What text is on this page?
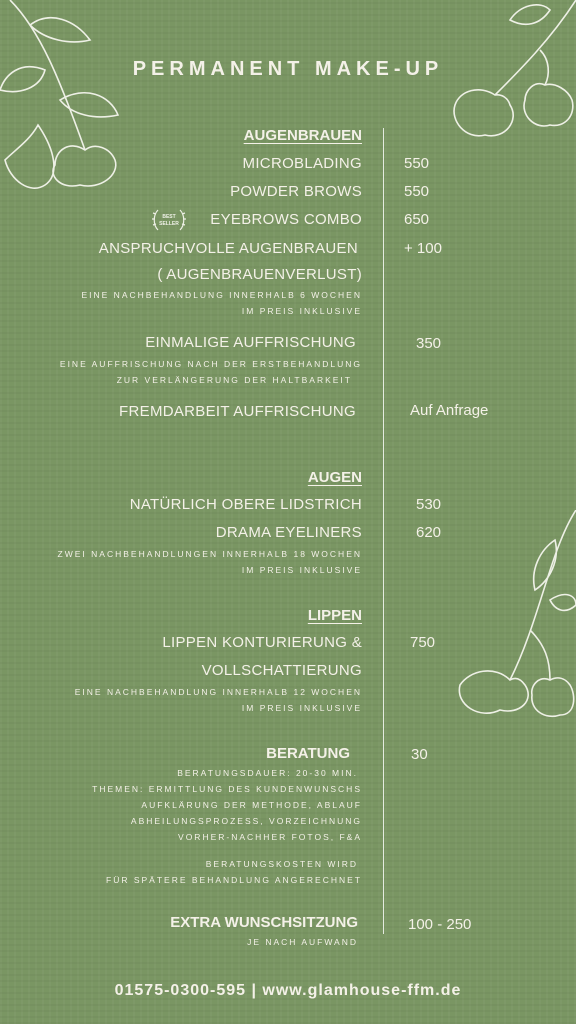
PERMANENT MAKE-UP
AUGENBRAUEN
MICROBLADING	550
POWDER BROWS	550
BEST
SELLER EYEBROWS COMBO	650
ANSPRUCHVOLLE AUGENBRAUEN	+ 100
( AUGENBRAUENVERLUST)
EINE NACHBEHANDLUNG INNERHALB 6 WOCHEN
IM PREIS INKLUSIVE
EINMALIGE AUFFRISCHUNG	350
EINE AUFFRISCHUNG NACH DER ERSTBEHANDLUNG
ZUR VERLÄNGERUNG DER HALTBARKEIT
FREMDARBEIT AUFFRISCHUNG	Auf Anfrage
AUGEN
NATÜRLICH OBERE LIDSTRICH	530
DRAMA EYELINERS	620
ZWEI NACHBEHANDLUNGEN INNERHALB 18 WOCHEN
IM PREIS INKLUSIVE
LIPPEN
LIPPEN KONTURIERUNG &	750
VOLLSCHATTIERUNG
EINE NACHBEHANDLUNG INNERHALB 12 WOCHEN
IM PREIS INKLUSIVE
BERATUNG	30
BERATUNGSDAUER: 20-30 MIN.
THEMEN: ERMITTLUNG DES KUNDENWUNSCHS
AUFKLÄRUNG DER METHODE, ABLAUF
ABHEILUNGSPROZESS, VORZEICHNUNG
VORHER-NACHHER FOTOS, F&A
BERATUNGSKOSTEN WIRD
FÜR SPÄTERE BEHANDLUNG ANGERECHNET
EXTRA WUNSCHSITZUNG	100 - 250
JE NACH AUFWAND
01575-0300-595 | www.glamhouse-ffm.de
